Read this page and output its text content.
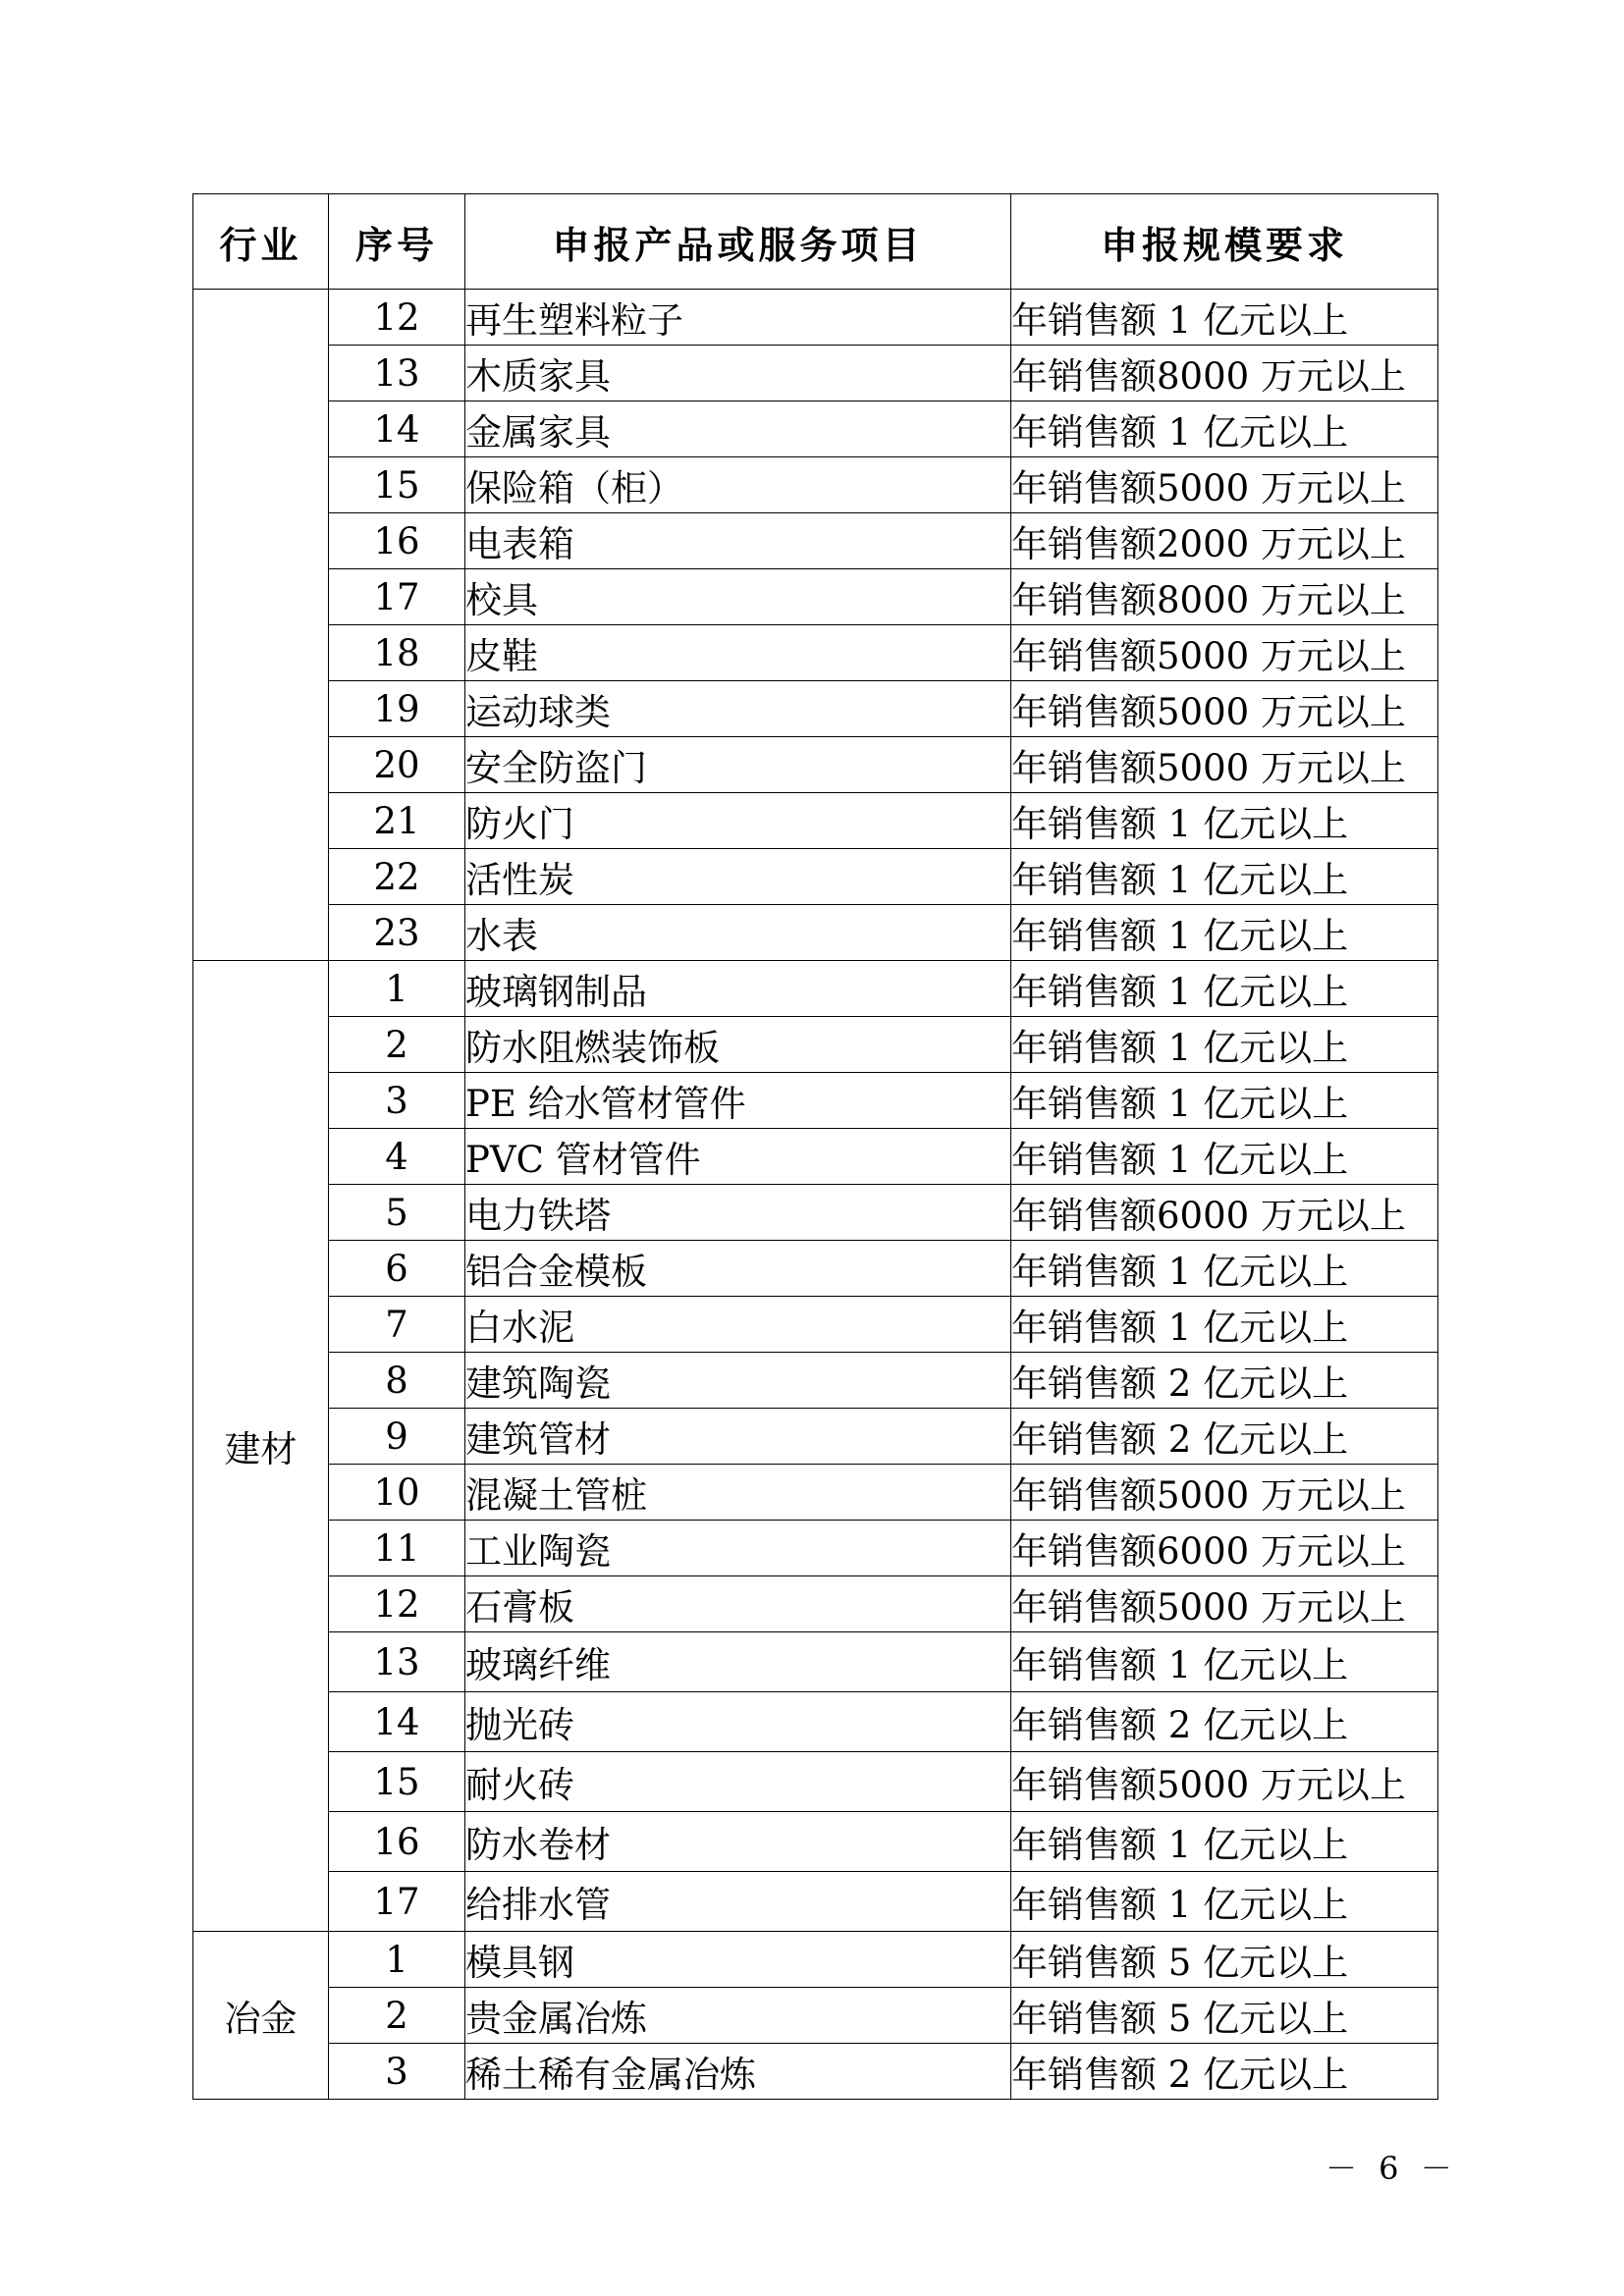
行业	序号	申报产品或服务项目	申报规模要求
	12	再生塑料粒子	年销售额 1 亿元以上
	13	木质家具	年销售额8000 万元以上
	14	金属家具	年销售额 1 亿元以上
	15	保险箱（柜）	年销售额5000 万元以上
	16	电表箱	年销售额2000 万元以上
	17	校具	年销售额8000 万元以上
	18	皮鞋	年销售额5000 万元以上
	19	运动球类	年销售额5000 万元以上
	20	安全防盗门	年销售额5000 万元以上
	21	防火门	年销售额 1 亿元以上
	22	活性炭	年销售额 1 亿元以上
	23	水表	年销售额 1 亿元以上
建材	1	玻璃钢制品	年销售额 1 亿元以上
	2	防水阻燃装饰板	年销售额 1 亿元以上
	3	PE 给水管材管件	年销售额 1 亿元以上
	4	PVC 管材管件	年销售额 1 亿元以上
	5	电力铁塔	年销售额6000 万元以上
	6	铝合金模板	年销售额 1 亿元以上
	7	白水泥	年销售额 1 亿元以上
	8	建筑陶瓷	年销售额 2 亿元以上
	9	建筑管材	年销售额 2 亿元以上
	10	混凝土管桩	年销售额5000 万元以上
	11	工业陶瓷	年销售额6000 万元以上
	12	石膏板	年销售额5000 万元以上
	13	玻璃纤维	年销售额 1 亿元以上
	14	抛光砖	年销售额 2 亿元以上
	15	耐火砖	年销售额5000 万元以上
	16	防水卷材	年销售额 1 亿元以上
	17	给排水管	年销售额 1 亿元以上
冶金	1	模具钢	年销售额 5 亿元以上
	2	贵金属冶炼	年销售额 5 亿元以上
	3	稀土稀有金属冶炼	年销售额 2 亿元以上
－ 6 －
